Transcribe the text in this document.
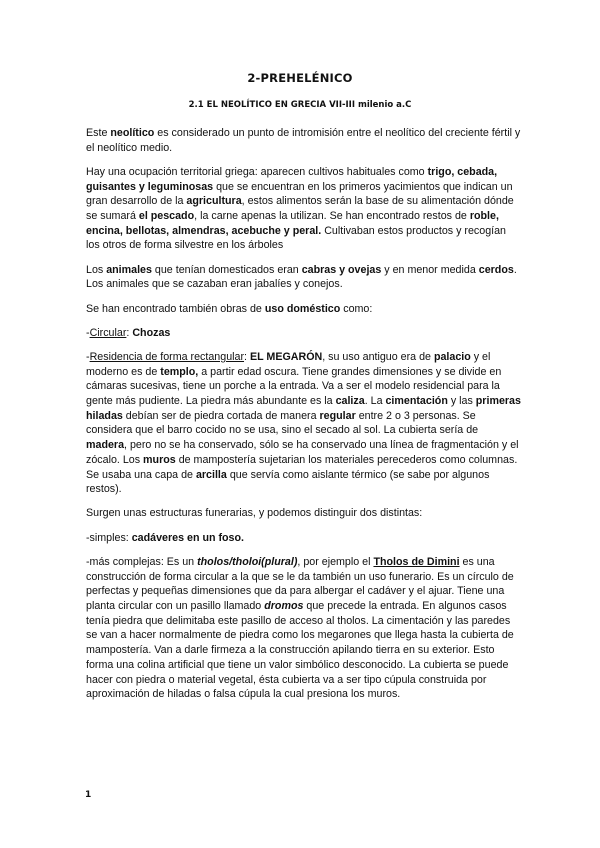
2-PREHELÉNICO
2.1 EL NEOLÍTICO EN GRECIA VII-III milenio a.C

Este neolítico es considerado un punto de intromisión entre el neolítico del creciente fértil y el neolítico medio.

Hay una ocupación territorial griega: aparecen cultivos habituales como trigo, cebada, guisantes y leguminosas que se encuentran en los primeros yacimientos que indican un gran desarrollo de la agricultura, estos alimentos serán la base de su alimentación dónde se sumará el pescado, la carne apenas la utilizan. Se han encontrado restos de roble, encina, bellotas, almendras, acebuche y peral. Cultivaban estos productos y recogían los otros de forma silvestre en los árboles

Los animales que tenían domesticados eran cabras y ovejas y en menor medida cerdos. Los animales que se cazaban eran jabalíes y conejos.

Se han encontrado también obras de uso doméstico como:

-Circular: Chozas

-Residencia de forma rectangular: EL MEGARÓN, su uso antiguo era de palacio y el moderno es de templo, a partir edad oscura. Tiene grandes dimensiones y se divide en cámaras sucesivas, tiene un porche a la entrada. Va a ser el modelo residencial para la gente más pudiente. La piedra más abundante es la caliza. La cimentación y las primeras hiladas debían ser de piedra cortada de manera regular entre 2 o 3 personas. Se considera que el barro cocido no se usa, sino el secado al sol. La cubierta sería de madera, pero no se ha conservado, sólo se ha conservado una línea de fragmentación y el zócalo. Los muros de mampostería sujetarian los materiales perecederos como columnas. Se usaba una capa de arcilla que servía como aislante térmico (se sabe por algunos restos).

Surgen unas estructuras funerarias, y podemos distinguir dos distintas:

-simples: cadáveres en un foso.

-más complejas: Es un tholos/tholoi(plural), por ejemplo el Tholos de Dimini es una construcción de forma circular a la que se le da también un uso funerario. Es un círculo de perfectas y pequeñas dimensiones que da para albergar el cadáver y el ajuar. Tiene una planta circular con un pasillo llamado dromos que precede la entrada. En algunos casos tenía piedra que delimitaba este pasillo de acceso al tholos. La cimentación y las paredes se van a hacer normalmente de piedra como los megarones que llega hasta la cubierta de mampostería. Van a darle firmeza a la construcción apilando tierra en su exterior. Esto forma una colina artificial que tiene un valor simbólico desconocido. La cubierta se puede hacer con piedra o material vegetal, ésta cubierta va a ser tipo cúpula construida por aproximación de hiladas o falsa cúpula la cual presiona los muros.

1
